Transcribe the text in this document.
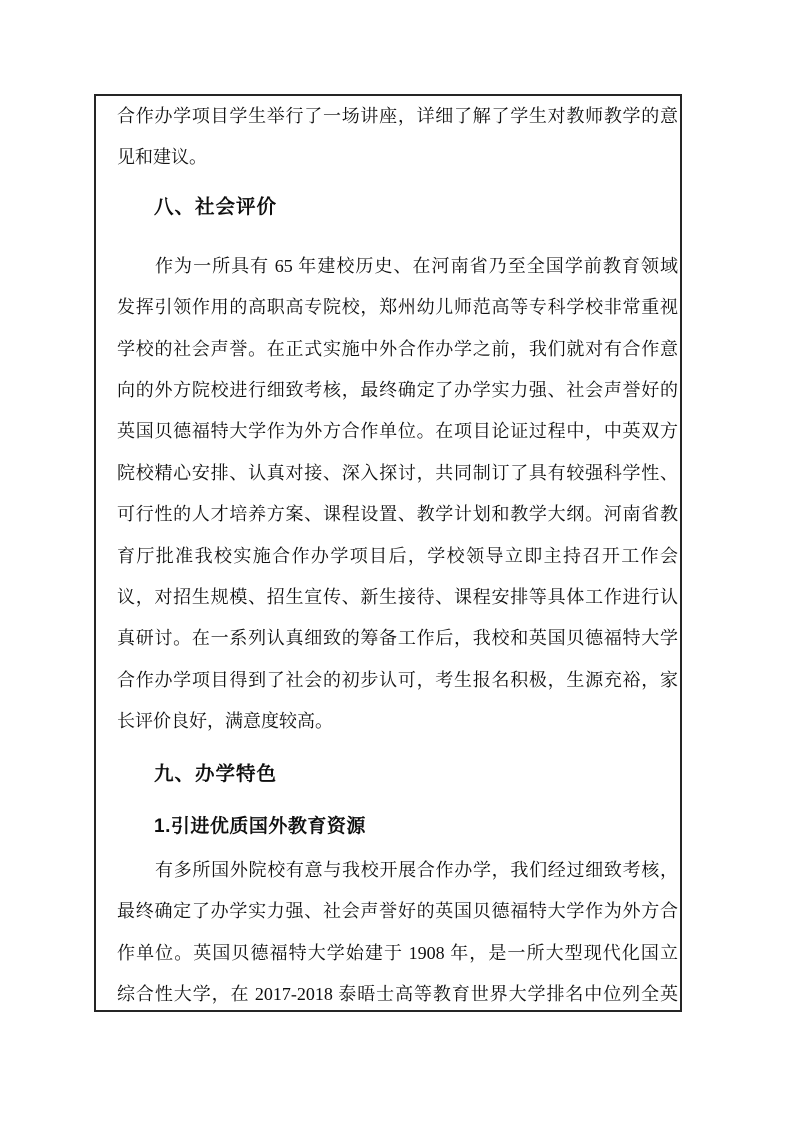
合作办学项目学生举行了一场讲座，详细了解了学生对教师教学的意
见和建议。
八、社会评价
作为一所具有 65 年建校历史、在河南省乃至全国学前教育领域
发挥引领作用的高职高专院校，郑州幼儿师范高等专科学校非常重视
学校的社会声誉。在正式实施中外合作办学之前，我们就对有合作意
向的外方院校进行细致考核，最终确定了办学实力强、社会声誉好的
英国贝德福特大学作为外方合作单位。在项目论证过程中，中英双方
院校精心安排、认真对接、深入探讨，共同制订了具有较强科学性、
可行性的人才培养方案、课程设置、教学计划和教学大纲。河南省教
育厅批准我校实施合作办学项目后，学校领导立即主持召开工作会
议，对招生规模、招生宣传、新生接待、课程安排等具体工作进行认
真研讨。在一系列认真细致的筹备工作后，我校和英国贝德福特大学
合作办学项目得到了社会的初步认可，考生报名积极，生源充裕，家
长评价良好，满意度较高。
九、办学特色
1.引进优质国外教育资源
有多所国外院校有意与我校开展合作办学，我们经过细致考核，
最终确定了办学实力强、社会声誉好的英国贝德福特大学作为外方合
作单位。英国贝德福特大学始建于 1908 年，是一所大型现代化国立
综合性大学，在 2017-2018 泰晤士高等教育世界大学排名中位列全英
